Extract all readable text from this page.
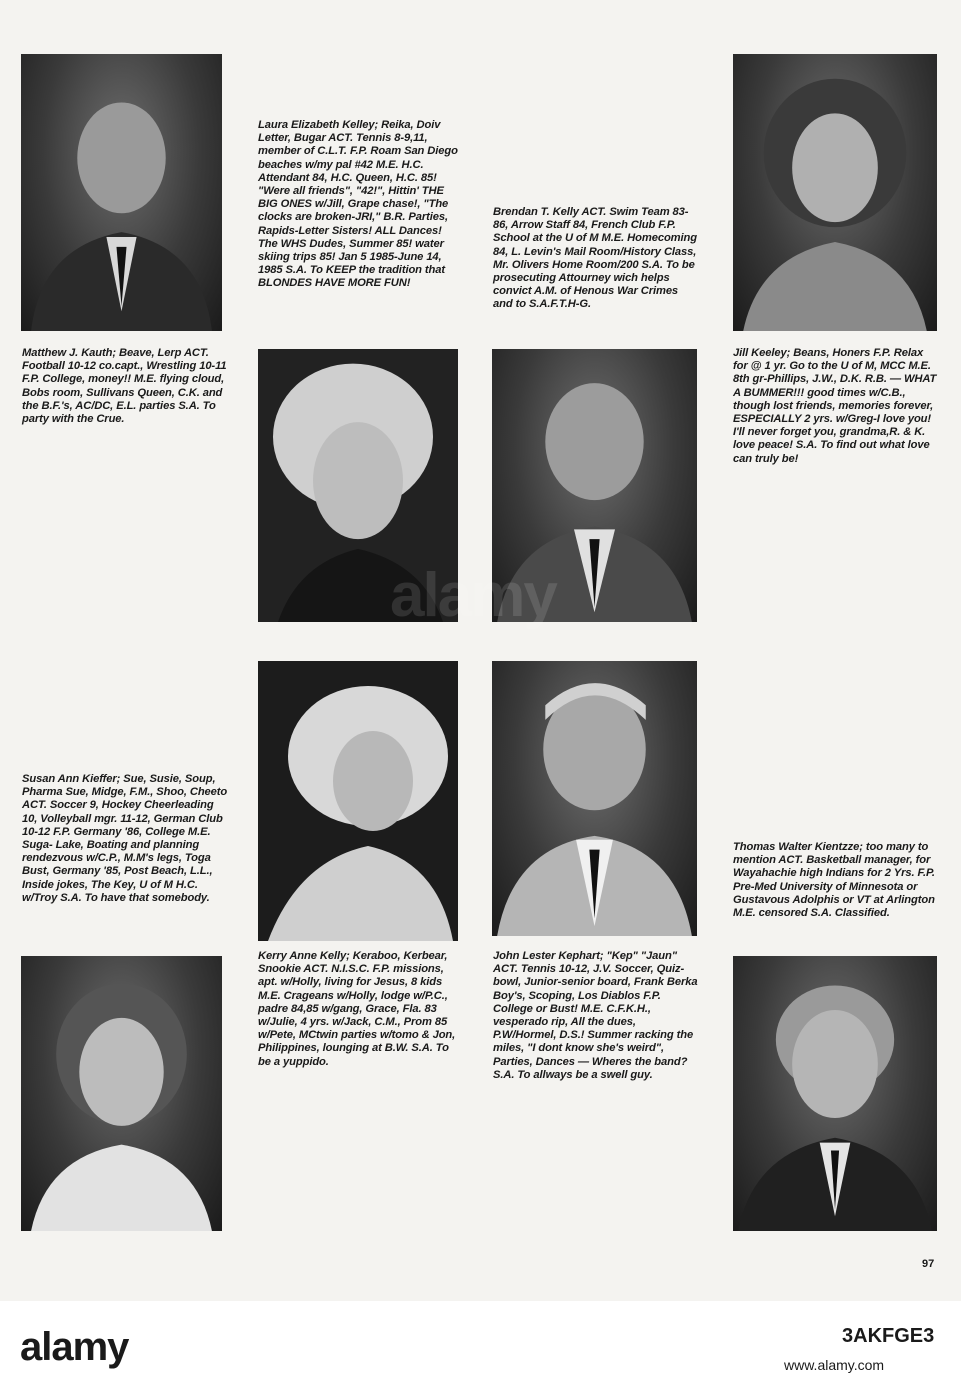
Matthew J. Kauth; Beave, Lerp ACT. Football 10-12 co.capt., Wrestling 10-11 F.P. College, money!! M.E. flying cloud, Bobs room, Sullivans Queen, C.K. and the B.F.'s, AC/DC, E.L. parties S.A. To party with the Crue.

Laura Elizabeth Kelley; Reika, Doiv Letter, Bugar ACT. Tennis 8-9,11, member of C.L.T. F.P. Roam San Diego beaches w/my pal #42 M.E. H.C. Attendant 84, H.C. Queen, H.C. 85! "Were all friends", "42!", Hittin' THE BIG ONES w/Jill, Grape chase!, "The clocks are broken-JRI," B.R. Parties, Rapids-Letter Sisters! ALL Dances! The WHS Dudes, Summer 85! water skiing trips 85! Jan 5 1985-June 14, 1985 S.A. To KEEP the tradition that BLONDES HAVE MORE FUN!

Brendan T. Kelly ACT. Swim Team 83-86, Arrow Staff 84, French Club F.P. School at the U of M M.E. Homecoming 84, L. Levin's Mail Room/History Class, Mr. Olivers Home Room/200 S.A. To be prosecuting Attourney wich helps convict A.M. of Henous War Crimes and to S.A.F.T.H-G.

Jill Keeley; Beans, Honers F.P. Relax for @ 1 yr. Go to the U of M, MCC M.E. 8th gr-Phillips, J.W., D.K. R.B. — WHAT A BUMMER!!! good times w/C.B., though lost friends, memories forever, ESPECIALLY 2 yrs. w/Greg-I love you! I'll never forget you, grandma,R. & K. love peace! S.A. To find out what love can truly be!

Susan Ann Kieffer; Sue, Susie, Soup, Pharma Sue, Midge, F.M., Shoo, Cheeto ACT. Soccer 9, Hockey Cheerleading 10, Volleyball mgr. 11-12, German Club 10-12 F.P. Germany '86, College M.E. Suga- Lake, Boating and planning rendezvous w/C.P., M.M's legs, Toga Bust, Germany '85, Post Beach, L.L., Inside jokes, The Key, U of M H.C. w/Troy S.A. To have that somebody.

Kerry Anne Kelly; Keraboo, Kerbear, Snookie ACT. N.I.S.C. F.P. missions, apt. w/Holly, living for Jesus, 8 kids M.E. Crageans w/Holly, lodge w/P.C., padre 84,85 w/gang, Grace, Fla. 83 w/Julie, 4 yrs. w/Jack, C.M., Prom 85 w/Pete, MCtwin parties w/tomo & Jon, Philippines, lounging at B.W. S.A. To be a yuppido.

John Lester Kephart; "Kep" "Jaun" ACT. Tennis 10-12, J.V. Soccer, Quiz-bowl, Junior-senior board, Frank Berka Boy's, Scoping, Los Diablos F.P. College or Bust! M.E. C.F.K.H., vesperado rip, All the dues, P.W/Hormel, D.S.! Summer racking the miles, "I dont know she's weird", Parties, Dances — Wheres the band? S.A. To allways be a swell guy.

Thomas Walter Kientzze; too many to mention ACT. Basketball manager, for Wayahachie high Indians for 2 Yrs. F.P. Pre-Med University of Minnesota or Gustavous Adolphis or VT at Arlington M.E. censored S.A. Classified.

97
alamy
alamy	3AKFGE3
www.alamy.com
